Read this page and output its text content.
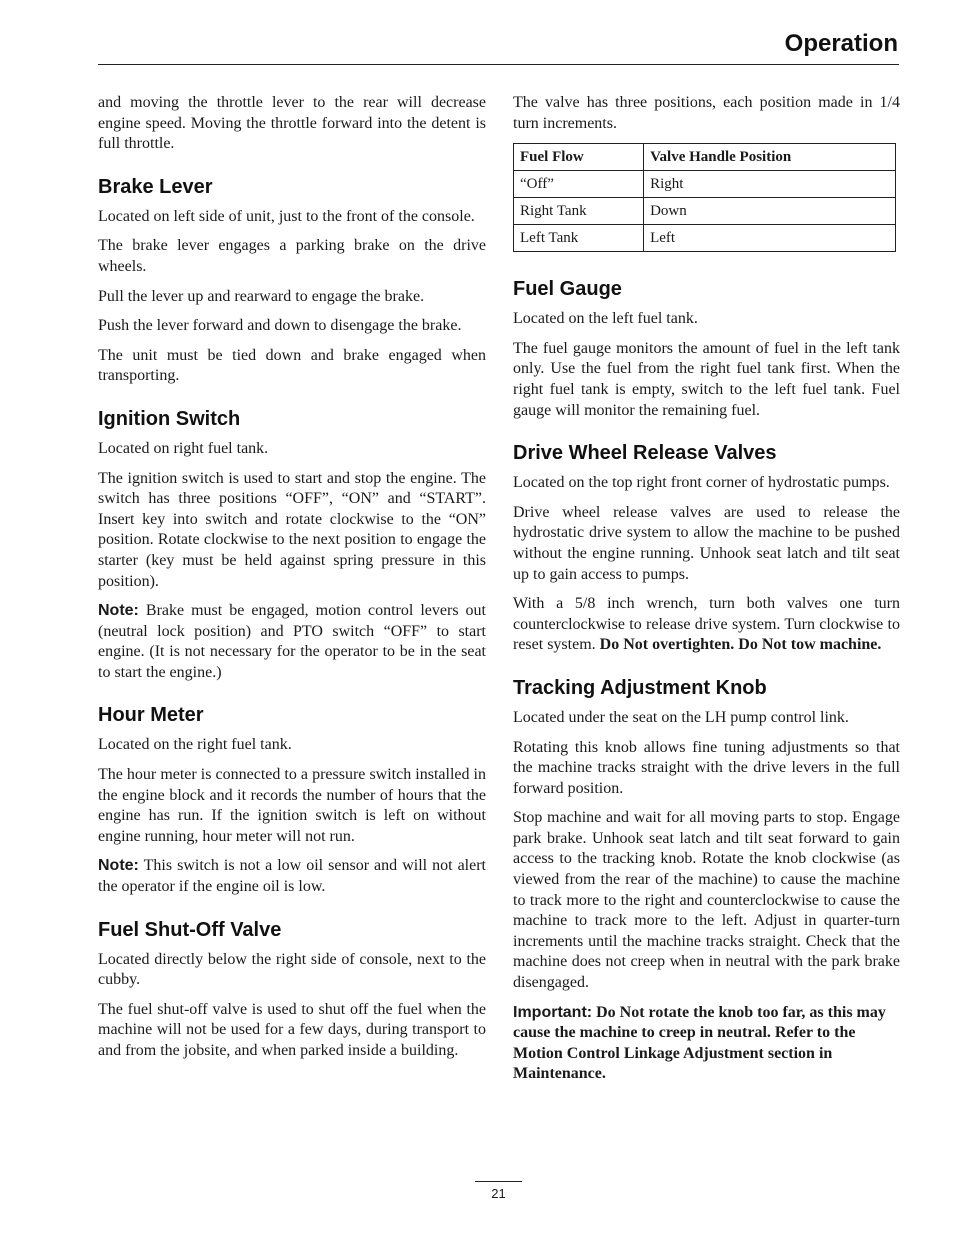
Operation

and moving the throttle lever to the rear will decrease engine speed. Moving the throttle forward into the detent is full throttle.

Brake Lever

Located on left side of unit, just to the front of the console.

The brake lever engages a parking brake on the drive wheels.

Pull the lever up and rearward to engage the brake.

Push the lever forward and down to disengage the brake.

The unit must be tied down and brake engaged when transporting.

Ignition Switch

Located on right fuel tank.

The ignition switch is used to start and stop the engine. The switch has three positions “OFF”, “ON” and “START”. Insert key into switch and rotate clockwise to the “ON” position. Rotate clockwise to the next position to engage the starter (key must be held against spring pressure in this position).

Note: Brake must be engaged, motion control levers out (neutral lock position) and PTO switch “OFF” to start engine. (It is not necessary for the operator to be in the seat to start the engine.)

Hour Meter

Located on the right fuel tank.

The hour meter is connected to a pressure switch installed in the engine block and it records the number of hours that the engine has run. If the ignition switch is left on without engine running, hour meter will not run.

Note: This switch is not a low oil sensor and will not alert the operator if the engine oil is low.

Fuel Shut-Off Valve

Located directly below the right side of console, next to the cubby.

The fuel shut-off valve is used to shut off the fuel when the machine will not be used for a few days, during transport to and from the jobsite, and when parked inside a building.

The valve has three positions, each position made in 1/4 turn increments.

Fuel Flow	Valve Handle Position
“Off”	Right
Right Tank	Down
Left Tank	Left
Fuel Gauge

Located on the left fuel tank.

The fuel gauge monitors the amount of fuel in the left tank only. Use the fuel from the right fuel tank first. When the right fuel tank is empty, switch to the left fuel tank. Fuel gauge will monitor the remaining fuel.

Drive Wheel Release Valves

Located on the top right front corner of hydrostatic pumps.

Drive wheel release valves are used to release the hydrostatic drive system to allow the machine to be pushed without the engine running. Unhook seat latch and tilt seat up to gain access to pumps.

With a 5/8 inch wrench, turn both valves one turn counterclockwise to release drive system. Turn clockwise to reset system. Do Not overtighten. Do Not tow machine.

Tracking Adjustment Knob

Located under the seat on the LH pump control link.

Rotating this knob allows fine tuning adjustments so that the machine tracks straight with the drive levers in the full forward position.

Stop machine and wait for all moving parts to stop. Engage park brake. Unhook seat latch and tilt seat forward to gain access to the tracking knob. Rotate the knob clockwise (as viewed from the rear of the machine) to cause the machine to track more to the right and counterclockwise to cause the machine to track more to the left. Adjust in quarter-turn increments until the machine tracks straight. Check that the machine does not creep when in neutral with the park brake disengaged.

Important: Do Not rotate the knob too far, as this may cause the machine to creep in neutral. Refer to the Motion Control Linkage Adjustment section in Maintenance.

21
